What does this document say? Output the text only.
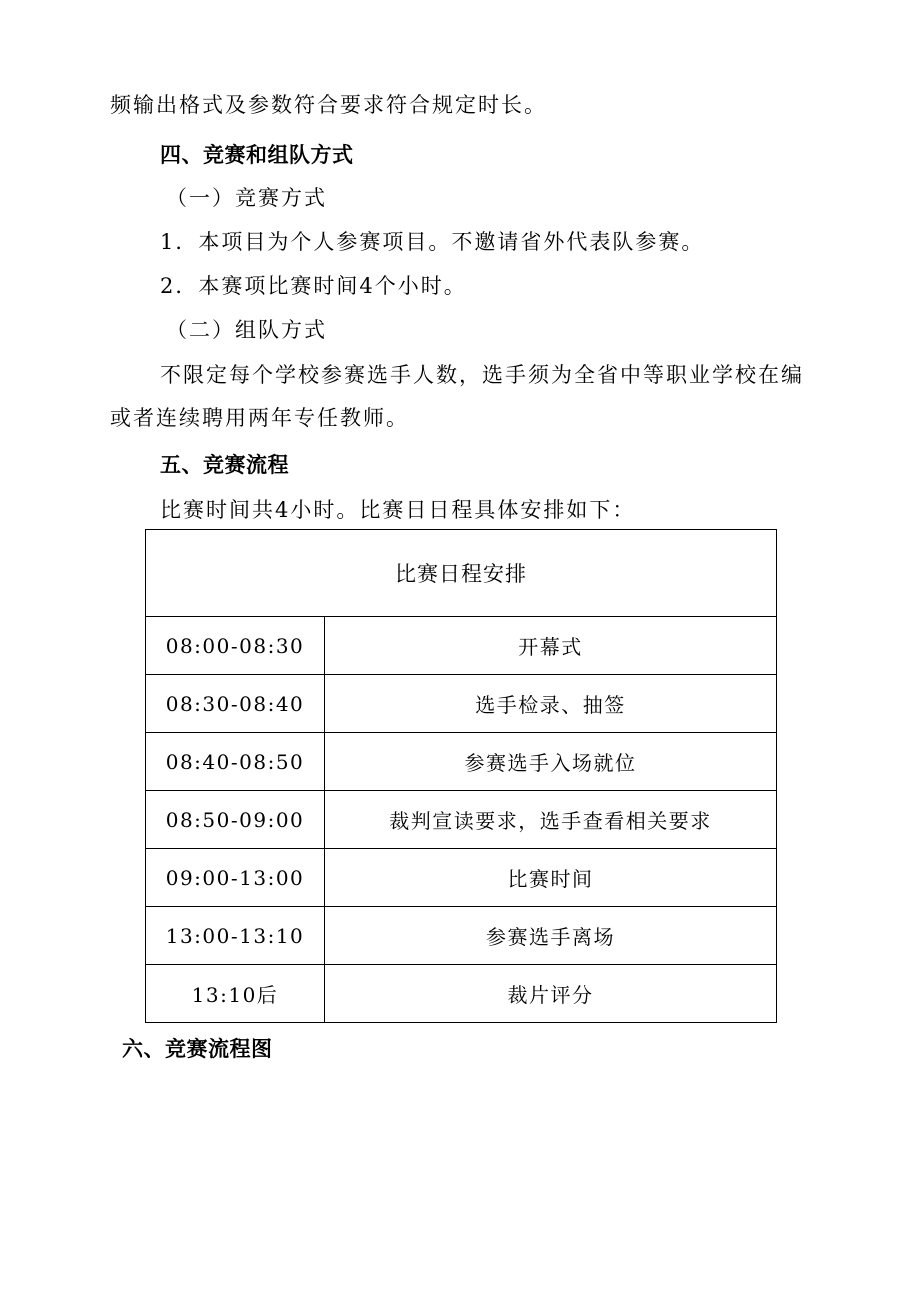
频输出格式及参数符合要求符合规定时长。
四、竞赛和组队方式
（一）竞赛方式
1．本项目为个人参赛项目。不邀请省外代表队参赛。
2．本赛项比赛时间4个小时。
（二）组队方式
不限定每个学校参赛选手人数，选手须为全省中等职业学校在编
或者连续聘用两年专任教师。
五、竞赛流程
比赛时间共4小时。比赛日日程具体安排如下：
比赛日程安排	
08:00-08:30	开幕式
08:30-08:40	选手检录、抽签
08:40-08:50	参赛选手入场就位
08:50-09:00	裁判宣读要求，选手查看相关要求
09:00-13:00	比赛时间
13:00-13:10	参赛选手离场
13:10后	裁片评分
六、竞赛流程图
